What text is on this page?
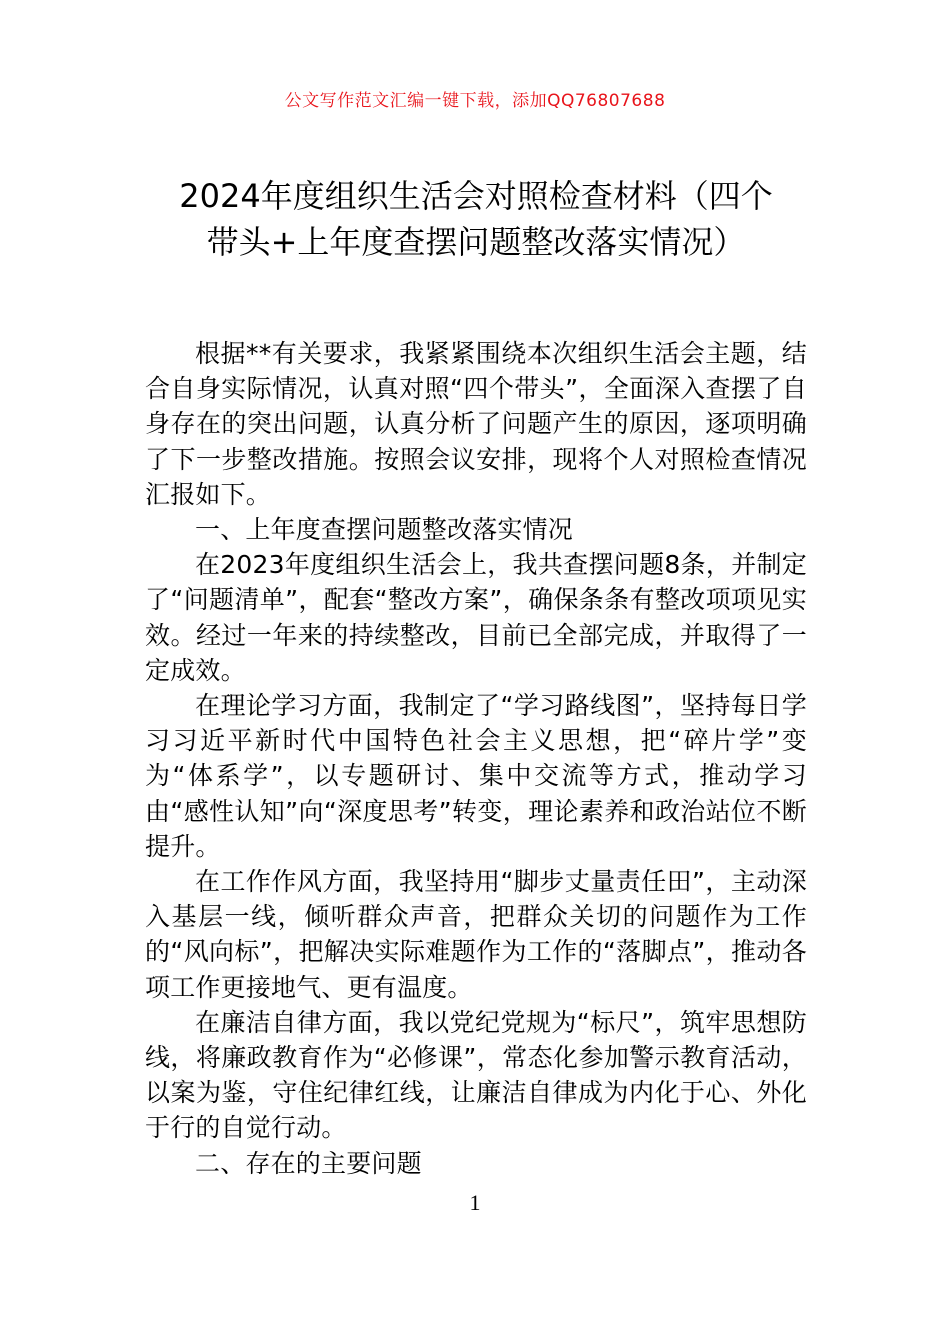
公文写作范文汇编一键下载，添加QQ76807688
2024年度组织生活会对照检查材料（四个
带头+上年度查摆问题整改落实情况）

根据**有关要求，我紧紧围绕本次组织生活会主题，结合自身实际情况，认真对照“四个带头”，全面深入查摆了自身存在的突出问题，认真分析了问题产生的原因，逐项明确了下一步整改措施。按照会议安排，现将个人对照检查情况汇报如下。

一、上年度查摆问题整改落实情况

在2023年度组织生活会上，我共查摆问题8条，并制定了“问题清单”，配套“整改方案”，确保条条有整改项项见实效。经过一年来的持续整改，目前已全部完成，并取得了一定成效。

在理论学习方面，我制定了“学习路线图”，坚持每日学习习近平新时代中国特色社会主义思想，把“碎片学”变为“体系学”，以专题研讨、集中交流等方式，推动学习由“感性认知”向“深度思考”转变，理论素养和政治站位不断提升。

在工作作风方面，我坚持用“脚步丈量责任田”，主动深入基层一线，倾听群众声音，把群众关切的问题作为工作的“风向标”，把解决实际难题作为工作的“落脚点”，推动各项工作更接地气、更有温度。

在廉洁自律方面，我以党纪党规为“标尺”，筑牢思想防线，将廉政教育作为“必修课”，常态化参加警示教育活动，以案为鉴，守住纪律红线，让廉洁自律成为内化于心、外化于行的自觉行动。

二、存在的主要问题

1
